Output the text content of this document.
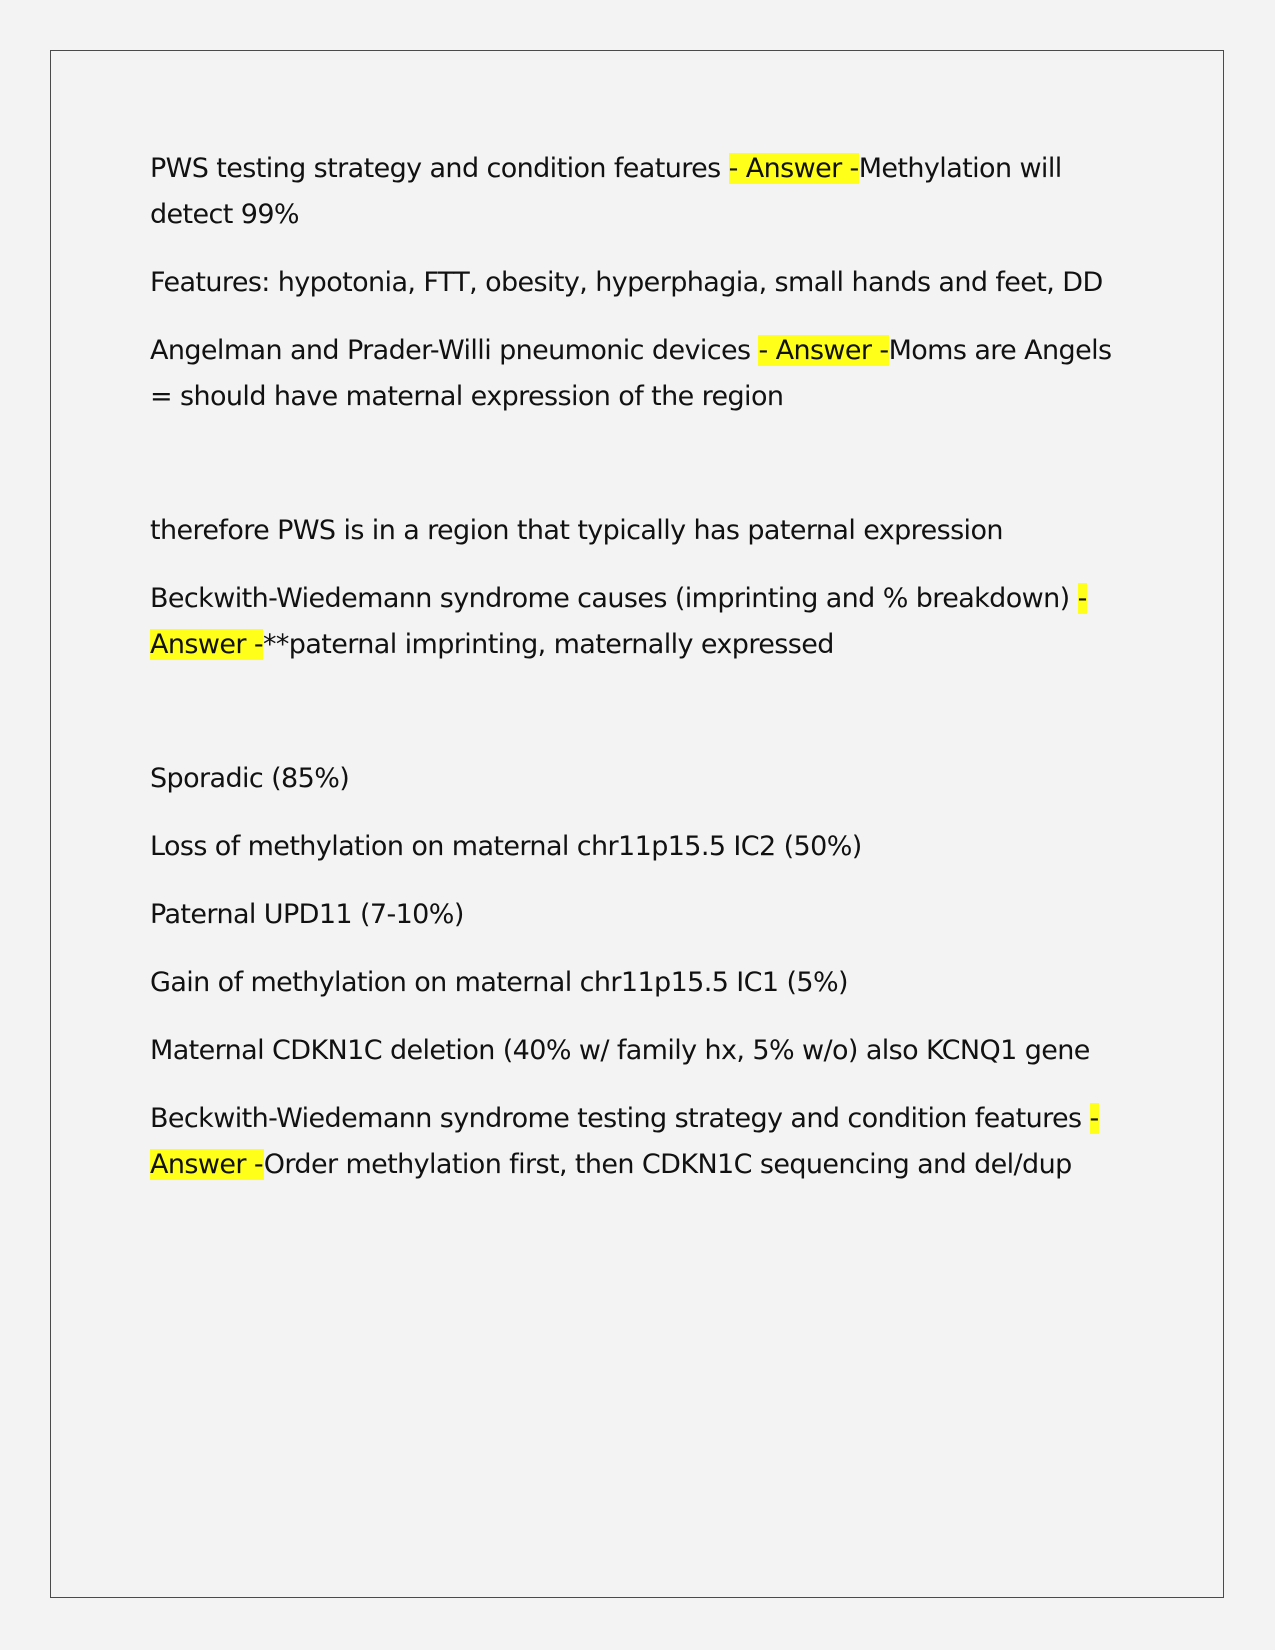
PWS testing strategy and condition features - Answer -Methylation will detect 99%

Features: hypotonia, FTT, obesity, hyperphagia, small hands and feet, DD

Angelman and Prader-Willi pneumonic devices - Answer -Moms are Angels = should have maternal expression of the region

therefore PWS is in a region that typically has paternal expression

Beckwith-Wiedemann syndrome causes (imprinting and % breakdown) - Answer -**paternal imprinting, maternally expressed

Sporadic (85%)

Loss of methylation on maternal chr11p15.5 IC2 (50%)

Paternal UPD11 (7-10%)

Gain of methylation on maternal chr11p15.5 IC1 (5%)

Maternal CDKN1C deletion (40% w/ family hx, 5% w/o) also KCNQ1 gene

Beckwith-Wiedemann syndrome testing strategy and condition features - Answer -Order methylation first, then CDKN1C sequencing and del/dup
